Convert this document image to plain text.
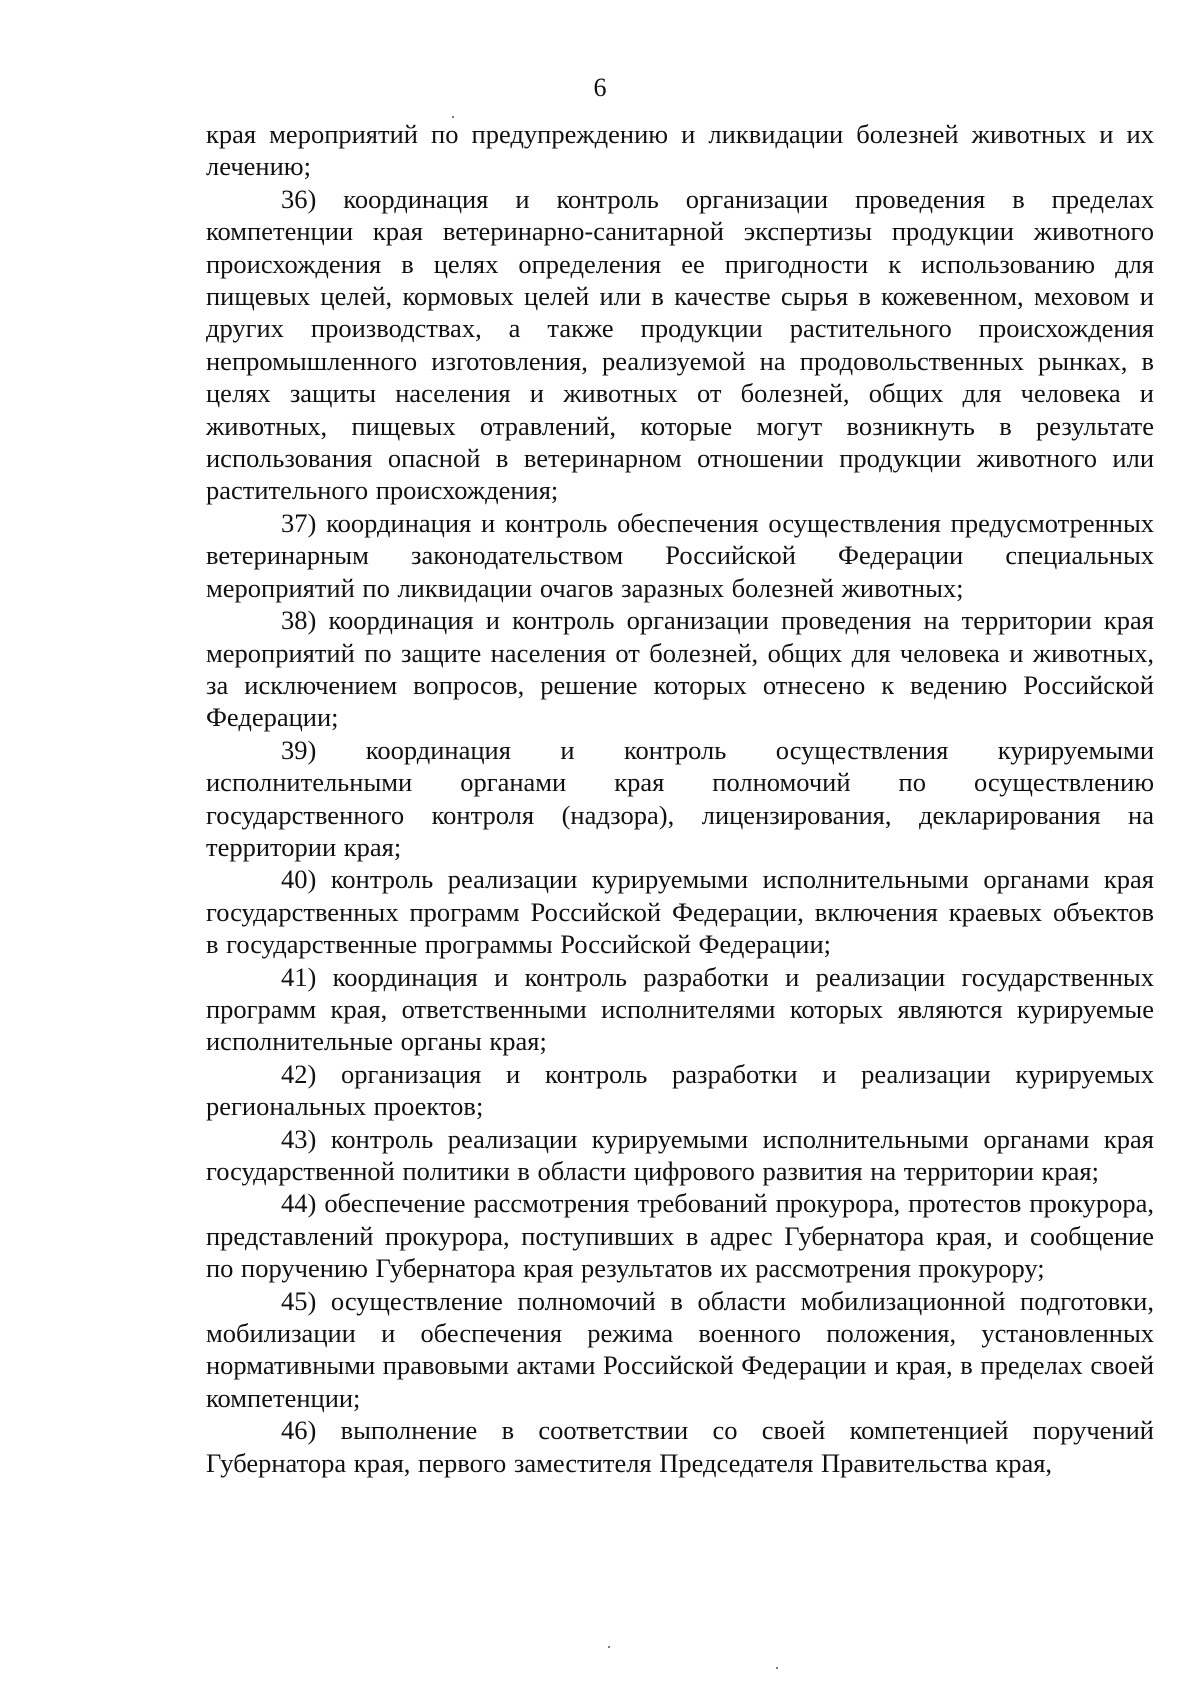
6

края мероприятий по предупреждению и ликвидации болезней животных и их лечению;

36) координация и контроль организации проведения в пределах компетенции края ветеринарно-санитарной экспертизы продукции животного происхождения в целях определения ее пригодности к использованию для пищевых целей, кормовых целей или в качестве сырья в кожевенном, меховом и других производствах, а также продукции растительного происхождения непромышленного изготовления, реализуемой на продовольственных рынках, в целях защиты населения и животных от болезней, общих для человека и животных, пищевых отравлений, которые могут возникнуть в результате использования опасной в ветеринарном отношении продукции животного или растительного происхождения;

37) координация и контроль обеспечения осуществления предусмотренных ветеринарным законодательством Российской Федерации специальных мероприятий по ликвидации очагов заразных болезней животных;

38) координация и контроль организации проведения на территории края мероприятий по защите населения от болезней, общих для человека и животных, за исключением вопросов, решение которых отнесено к ведению Российской Федерации;

39) координация и контроль осуществления курируемыми исполнительными органами края полномочий по осуществлению государственного контроля (надзора), лицензирования, декларирования на территории края;

40) контроль реализации курируемыми исполнительными органами края государственных программ Российской Федерации, включения краевых объектов в государственные программы Российской Федерации;

41) координация и контроль разработки и реализации государственных программ края, ответственными исполнителями которых являются курируемые исполнительные органы края;

42) организация и контроль разработки и реализации курируемых региональных проектов;

43) контроль реализации курируемыми исполнительными органами края государственной политики в области цифрового развития на территории края;

44) обеспечение рассмотрения требований прокурора, протестов прокурора, представлений прокурора, поступивших в адрес Губернатора края, и сообщение по поручению Губернатора края результатов их рассмотрения прокурору;

45) осуществление полномочий в области мобилизационной подготовки, мобилизации и обеспечения режима военного положения, установленных нормативными правовыми актами Российской Федерации и края, в пределах своей компетенции;

46) выполнение в соответствии со своей компетенцией поручений Губернатора края, первого заместителя Председателя Правительства края,
